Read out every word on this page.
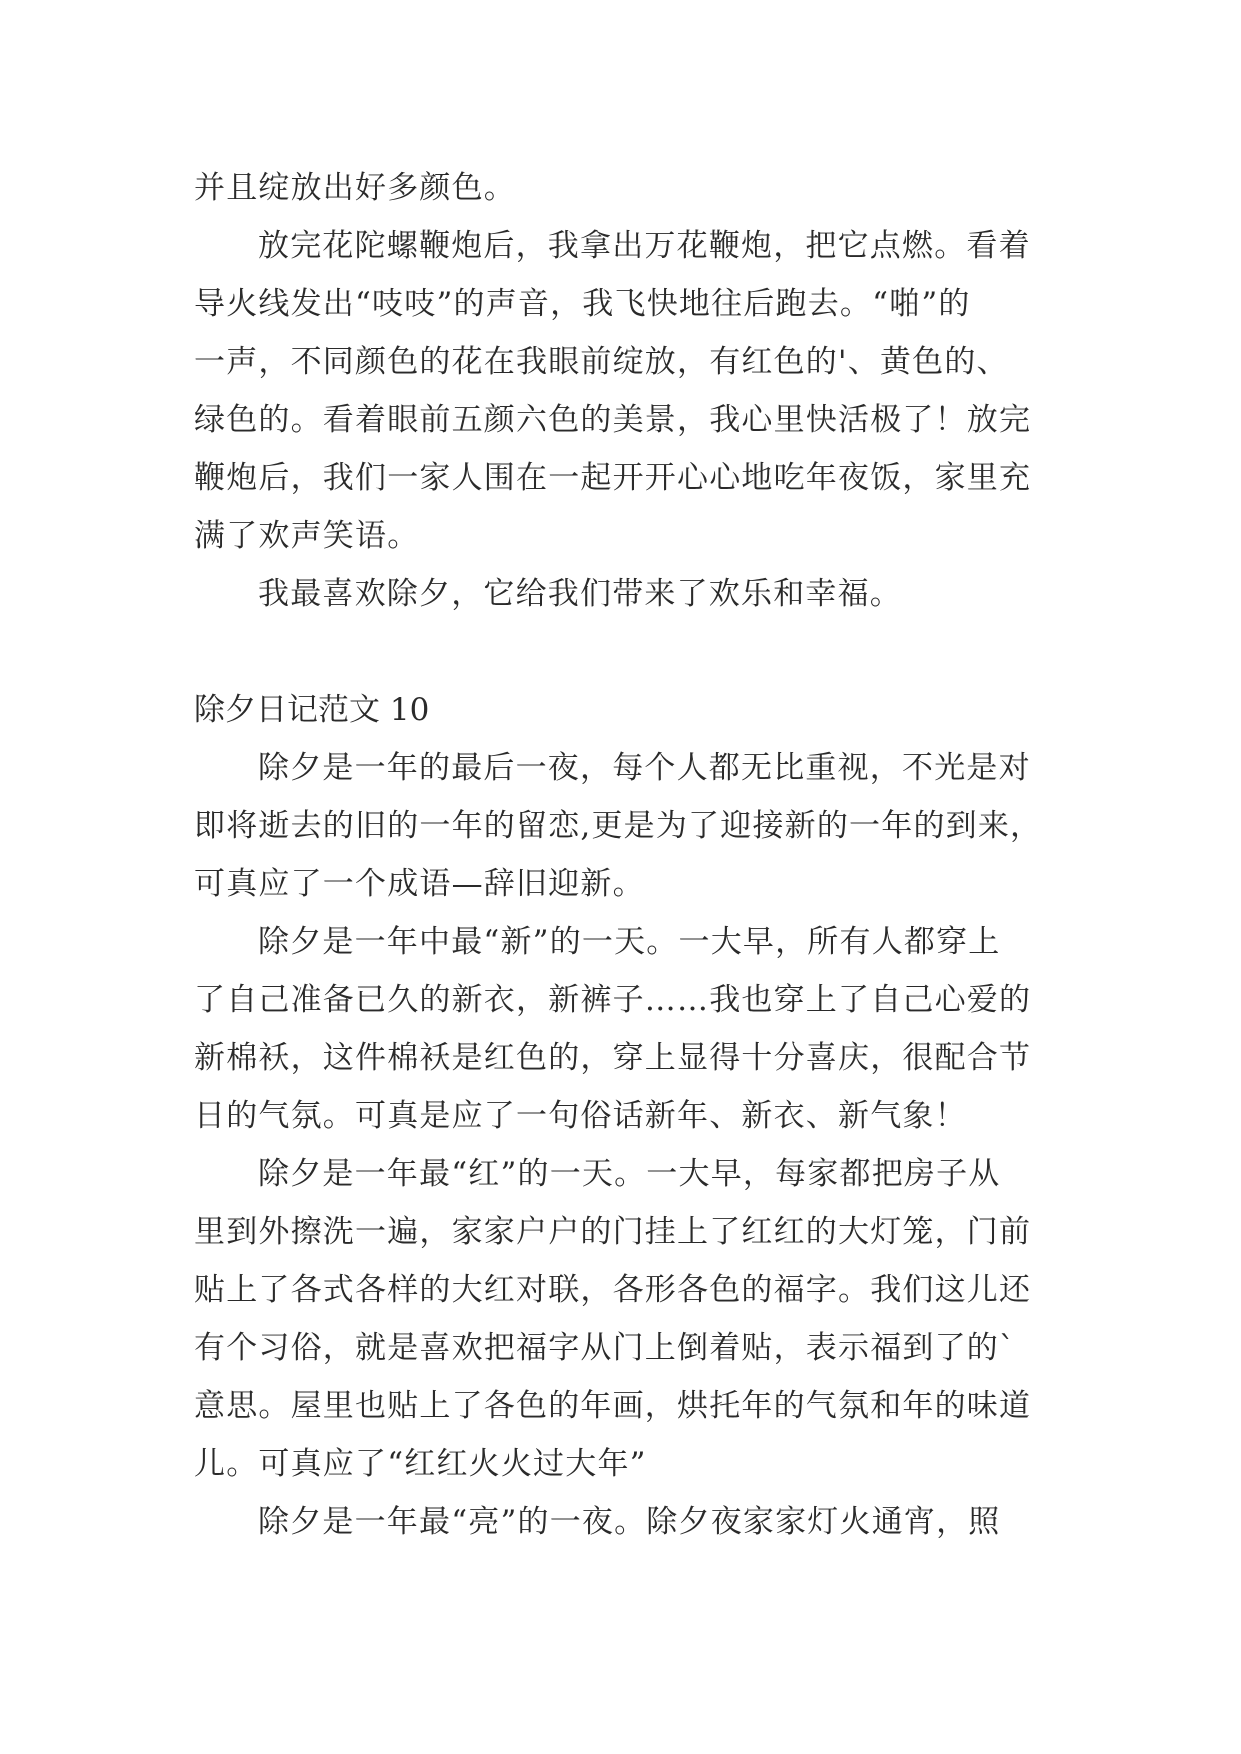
并且绽放出好多颜色。
放完花陀螺鞭炮后，我拿出万花鞭炮，把它点燃。看着
导火线发出“吱吱”的声音，我飞快地往后跑去。“啪”的
一声，不同颜色的花在我眼前绽放，有红色的'、黄色的、
绿色的。看着眼前五颜六色的美景，我心里快活极了！放完
鞭炮后，我们一家人围在一起开开心心地吃年夜饭，家里充
满了欢声笑语。
我最喜欢除夕，它给我们带来了欢乐和幸福。
除夕日记范文 10
除夕是一年的最后一夜，每个人都无比重视，不光是对
即将逝去的旧的一年的留恋,更是为了迎接新的一年的到来，
可真应了一个成语—辞旧迎新。
除夕是一年中最“新”的一天。一大早，所有人都穿上
了自己准备已久的新衣，新裤子……我也穿上了自己心爱的
新棉袄，这件棉袄是红色的，穿上显得十分喜庆，很配合节
日的气氛。可真是应了一句俗话新年、新衣、新气象！
除夕是一年最“红”的一天。一大早，每家都把房子从
里到外擦洗一遍，家家户户的门挂上了红红的大灯笼，门前
贴上了各式各样的大红对联，各形各色的福字。我们这儿还
有个习俗，就是喜欢把福字从门上倒着贴，表示福到了的`
意思。屋里也贴上了各色的年画，烘托年的气氛和年的味道
儿。可真应了“红红火火过大年”
除夕是一年最“亮”的一夜。除夕夜家家灯火通宵，照
